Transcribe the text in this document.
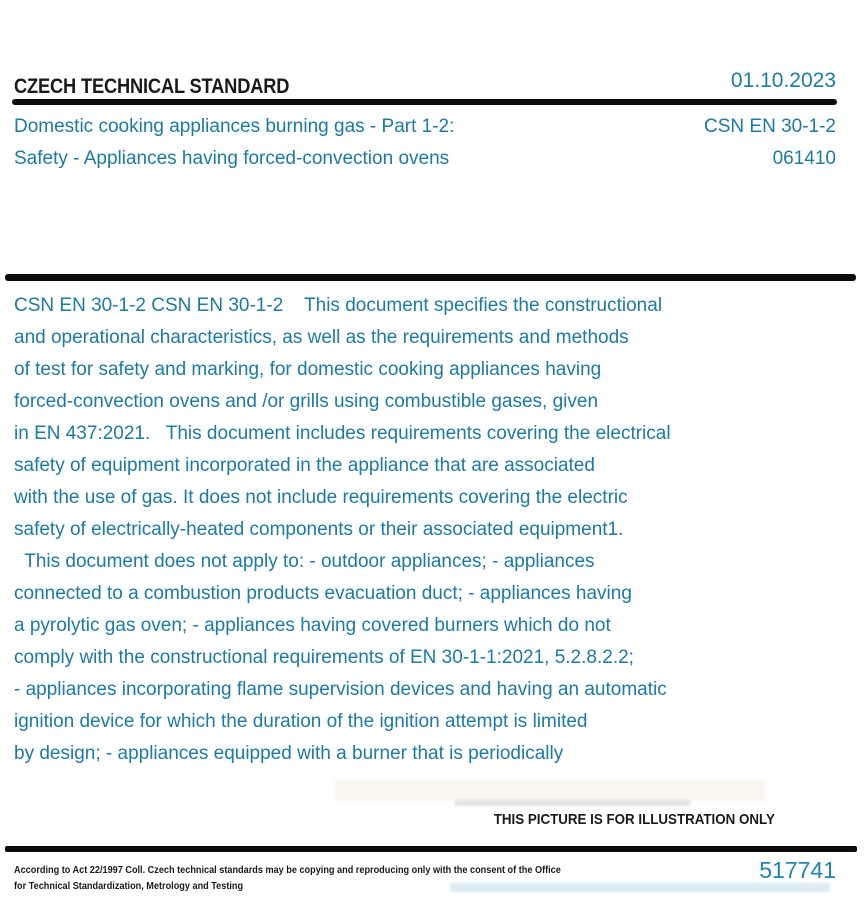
CZECH TECHNICAL STANDARD	01.10.2023
Domestic cooking appliances burning gas - Part 1-2:
Safety - Appliances having forced-convection ovens
CSN EN 30-1-2
061410
CSN EN 30-1-2 CSN EN 30-1-2    This document specifies the constructional
and operational characteristics, as well as the requirements and methods
of test for safety and marking, for domestic cooking appliances having
forced-convection ovens and /or grills using combustible gases, given
in EN 437:2021.   This document includes requirements covering the electrical
safety of equipment incorporated in the appliance that are associated
with the use of gas. It does not include requirements covering the electric
safety of electrically-heated components or their associated equipment1.
This document does not apply to: - outdoor appliances; - appliances
connected to a combustion products evacuation duct; - appliances having
a pyrolytic gas oven; - appliances having covered burners which do not
comply with the constructional requirements of EN 30-1-1:2021, 5.2.8.2.2;
- appliances incorporating flame supervision devices and having an automatic
ignition device for which the duration of the ignition attempt is limited
by design; - appliances equipped with a burner that is periodically
THIS PICTURE IS FOR ILLUSTRATION ONLY
According to Act 22/1997 Coll. Czech technical standards may be copying and reproducing only with the consent of the Office
for Technical Standardization, Metrology and Testing
517741
